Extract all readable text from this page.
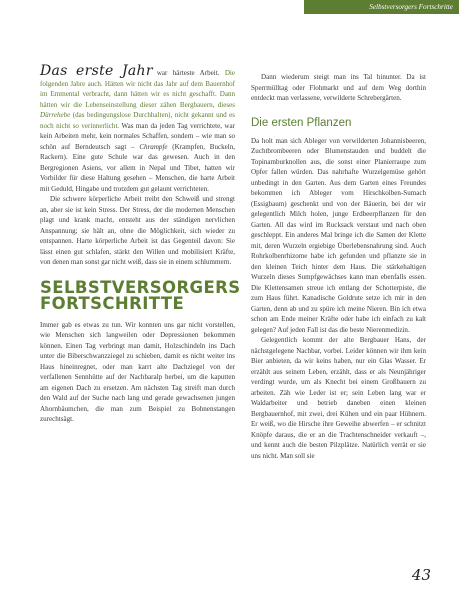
Selbstversorgers Fortschritte

Das erste Jahr war härteste Arbeit. Die folgenden Jahre auch. Hätten wir nicht das Jahr auf dem Bauernhof im Emmental verbracht, dann hätten wir es nicht geschafft. Dann hätten wir die Lebenseinstellung dieser zähen Bergbauern, dieses Dürrehebe (das bedingungslose Durchhalten), nicht gekannt und es noch nicht so verinnerlicht. Was man da jeden Tag verrichtete, war kein Arbeiten mehr, kein normales Schaffen, sondern – wie man so schön auf Berndeutsch sagt – Chrampfe (Krampfen, Buckeln, Rackern). Eine gute Schule war das gewesen. Auch in den Bergregionen Asiens, vor allem in Nepal und Tibet, hatten wir Vorbilder für diese Haltung gesehen – Menschen, die harte Arbeit mit Geduld, Hingabe und trotzdem gut gelaunt verrichteten.

Die schwere körperliche Arbeit treibt den Schweiß und strengt an, aber sie ist kein Stress. Der Stress, der die modernen Menschen plagt und krank macht, entsteht aus der ständigen nervlichen Anspannung; sie hält an, ohne die Möglichkeit, sich wieder zu entspannen. Harte körperliche Arbeit ist das Gegenteil davon: Sie lässt einen gut schlafen, stärkt den Willen und mobilisiert Kräfte, von denen man sonst gar nicht weiß, dass sie in einem schlummern.

SELBSTVERSORGERS FORTSCHRITTE

Immer gab es etwas zu tun. Wir konnten uns gar nicht vorstellen, wie Menschen sich langweilen oder Depressionen bekommen können. Einen Tag verbringt man damit, Holzschindeln ins Dach unter die Biberschwanzziegel zu schieben, damit es nicht weiter ins Haus hineinregnet, oder man karrt alte Dachziegel von der verfallenen Sennhütte auf der Nachbaralp herbei, um die kaputten am eigenen Dach zu ersetzen. Am nächsten Tag streift man durch den Wald auf der Suche nach lang und gerade gewachsenen jungen Ahornbäumchen, die man zum Beispiel zu Bohnenstangen zurechtsägt.

Dann wiederum steigt man ins Tal hinunter. Da ist Sperrmülltag oder Flohmarkt und auf dem Weg dorthin entdeckt man verlassene, verwilderte Schrebergärten.

Die ersten Pflanzen

Da holt man sich Ableger von verwilderten Johannisbeeren, Zuchtbrombeeren oder Blumenstauden und buddelt die Topinamburknollen aus, die sonst einer Planierraupe zum Opfer fallen würden. Das nahrhafte Wurzelgemüse gehört unbedingt in den Garten. Aus dem Garten eines Freundes bekommen ich Ableger vom Hirschkolben-Sumach (Essigbaum) geschenkt und von der Bäuerin, bei der wir gelegentlich Milch holen, junge Erdbeerpflanzen für den Garten. All das wird im Rucksack verstaut und nach oben geschleppt. Ein anderes Mal bringe ich die Samen der Klette mit, deren Wurzeln ergiebige Überlebensnahrung sind. Auch Rohrkolbenrhizome habe ich gefunden und pflanzte sie in den kleinen Teich hinter dem Haus. Die stärkehaltigen Wurzeln dieses Sumpfgewächses kann man ebenfalls essen. Die Klettensamen streue ich entlang der Schotterpiste, die zum Haus führt. Kanadische Goldrute setze ich mir in den Garten, denn ab und zu spüre ich meine Nieren. Bin ich etwa schon am Ende meiner Kräfte oder habe ich einfach zu kalt gelegen? Auf jeden Fall ist das die beste Nierenmedizin.

Gelegentlich kommt der alte Bergbauer Hans, der nächstgelegene Nachbar, vorbei. Leider können wir ihm kein Bier anbieten, da wir keins haben, nur ein Glas Wasser. Er erzählt aus seinem Leben, erzählt, dass er als Neunjähriger verdingt wurde, um als Knecht bei einem Großbauern zu arbeiten. Zäh wie Leder ist er; sein Leben lang war er Waldarbeiter und betrieb daneben einen kleinen Bergbauernhof, mit zwei, drei Kühen und ein paar Hühnern. Er weiß, wo die Hirsche ihre Geweihe abwerfen – er schnitzt Knöpfe daraus, die er an die Trachtenschneider verkauft –, und kennt auch die besten Pilzplätze. Natürlich verrät er sie uns nicht. Man soll sie

43
